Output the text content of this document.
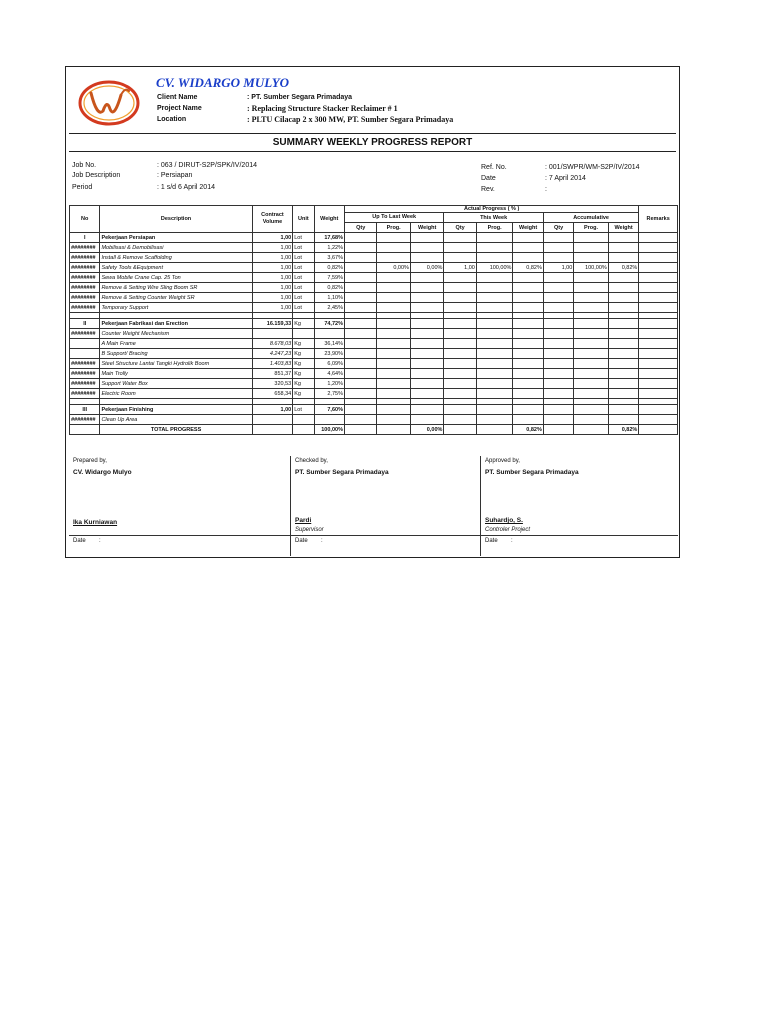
CV. WIDARGO MULYO
Client Name	: PT. Sumber Segara Primadaya
Project Name	: Replacing Structure Stacker Reclaimer # 1
Location	: PLTU Cilacap 2 x 300 MW, PT. Sumber Segara Primadaya
SUMMARY WEEKLY PROGRESS REPORT
Job No.	: 063 / DIRUT-S2P/SPK/IV/2014
Job Description	: Persiapan
Period	: 1 s/d 6 April 2014
Ref. No.	: 001/SWPR/WM-S2P/IV/2014
Date	: 7 April 2014
Rev.	:
No	Description	Contract Volume	Unit	Weight	Actual Progress ( % )									Remarks
					Up To Last Week			This Week			Accumulative			
					Qty	Prog.	Weight	Qty	Prog.	Weight	Qty	Prog.	Weight	
I	Pekerjaan Persiapan	1,00	Lot	17,68%										
########	Mobilisasi & Demobilisasi	1,00	Lot	1,22%										
########	Install & Remove Scaffolding	1,00	Lot	3,67%										
########	Safety Tools &Equipment	1,00	Lot	0,82%		0,00%	0,00%	1,00	100,00%	0,82%	1,00	100,00%	0,82%	
########	Sewa Mobile Crane Cap. 25 Ton	1,00	Lot	7,59%										
########	Remove & Setting Wire Sling Boom SR	1,00	Lot	0,82%										
########	Remove & Setting Counter Weight SR	1,00	Lot	1,10%										
########	Temporary Support	1,00	Lot	2,45%										

II	Pekerjaan Fabrikasi dan Erection	16.159,33	Kg	74,72%										
########	Counter Weight Mechanism													
	A Main Frame	8.678,03	Kg	36,14%										
	B Support/ Bracing	4.247,23	Kg	23,90%										
########	Steel Structure Lantai Tangki Hydrolik Boom	1.403,83	Kg	6,09%										
########	Main Trolly	851,37	Kg	4,64%										
########	Support Water Box	320,53	Kg	1,20%										
########	Electric Room	658,34	Kg	2,75%										

III	Pekerjaan Finishing	1,00	Lot	7,60%										
########	Clean Up Area													
	TOTAL PROGRESS			100,00%			0,00%			0,82%			0,82%	
Prepared by,
CV. Widargo Mulyo
Ika Kurniawan
Date :
Checked by,
PT. Sumber Segara Primadaya
Pardi
Supervisor
Date :
Approved by,
PT. Sumber Segara Primadaya
Suhardjo, S.
Controler Project
Date :
